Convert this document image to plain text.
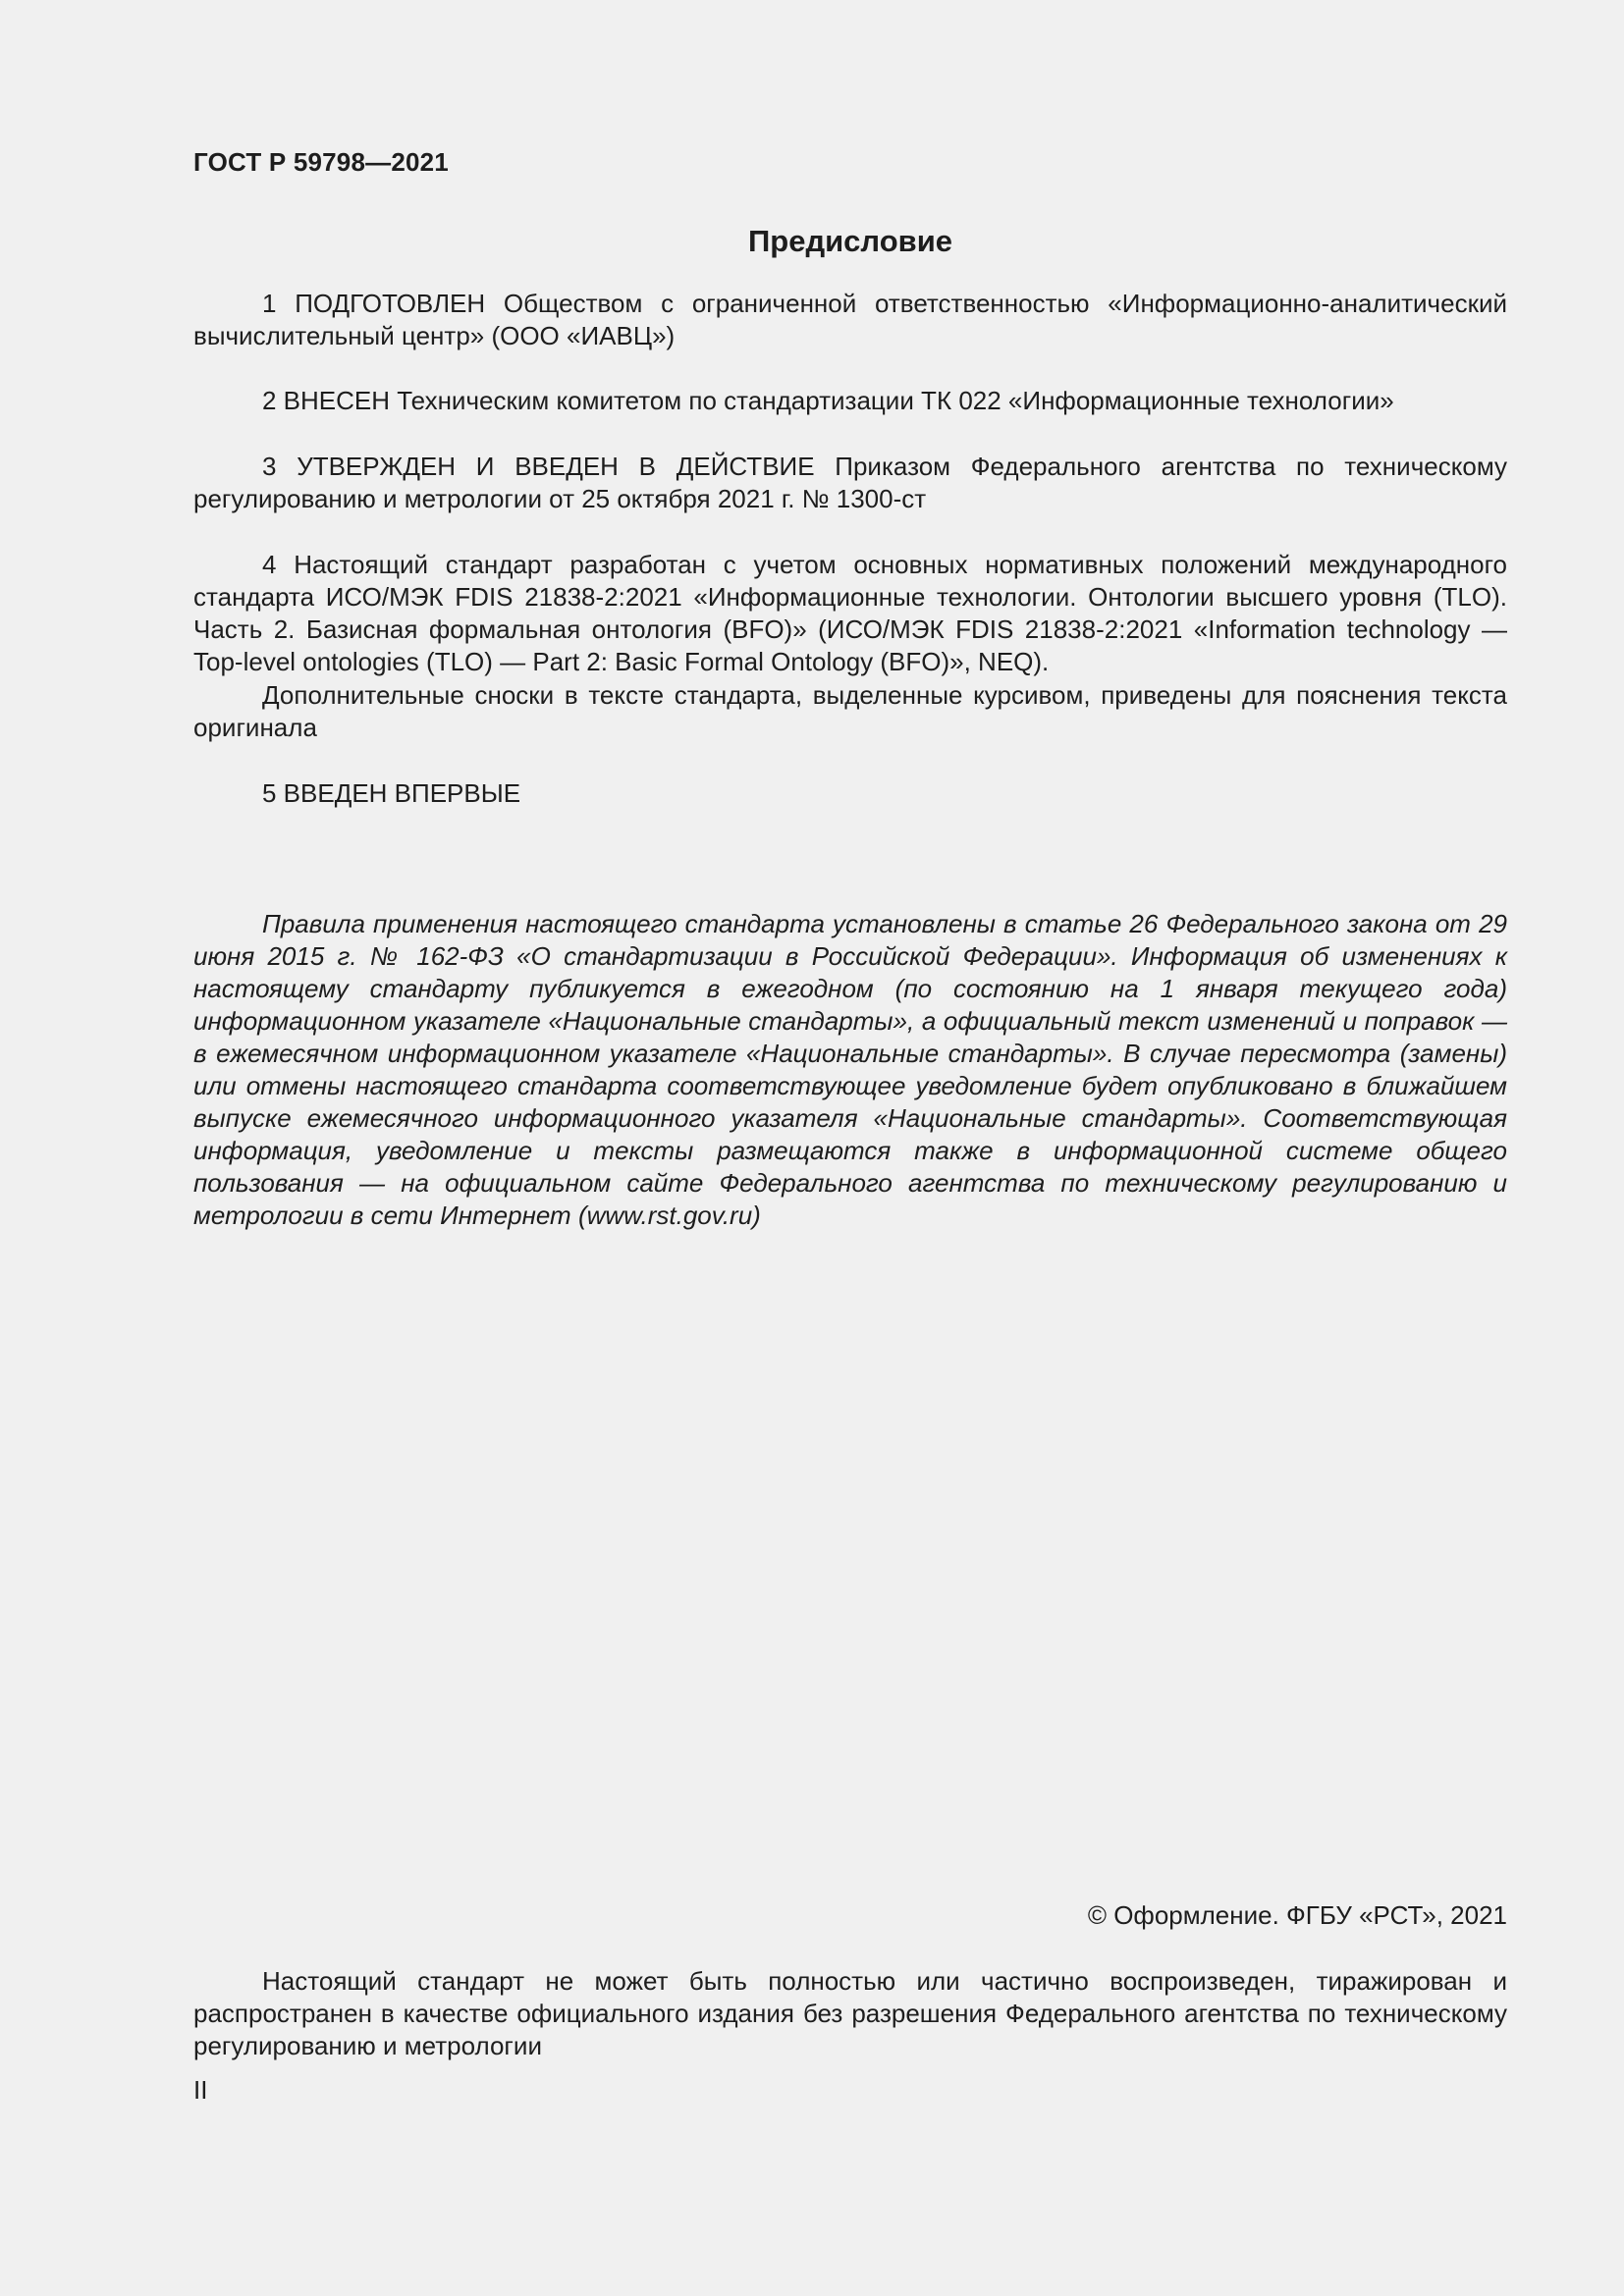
ГОСТ Р 59798—2021
Предисловие

1 ПОДГОТОВЛЕН Обществом с ограниченной ответственностью «Информационно-аналитический вычислительный центр» (ООО «ИАВЦ»)

2 ВНЕСЕН Техническим комитетом по стандартизации ТК 022 «Информационные технологии»

3 УТВЕРЖДЕН И ВВЕДЕН В ДЕЙСТВИЕ Приказом Федерального агентства по техническому регулированию и метрологии от 25 октября 2021 г. № 1300-ст

4 Настоящий стандарт разработан с учетом основных нормативных положений международного стандарта ИСО/МЭК FDIS 21838-2:2021 «Информационные технологии. Онтологии высшего уровня (TLO). Часть 2. Базисная формальная онтология (BFO)» (ИСО/МЭК FDIS 21838-2:2021 «Information technology — Top-level ontologies (TLO) — Part 2: Basic Formal Ontology (BFO)», NEQ).

Дополнительные сноски в тексте стандарта, выделенные курсивом, приведены для пояснения текста оригинала

5 ВВЕДЕН ВПЕРВЫЕ

Правила применения настоящего стандарта установлены в статье 26 Федерального закона от 29 июня 2015 г. № 162-ФЗ «О стандартизации в Российской Федерации». Информация об изменениях к настоящему стандарту публикуется в ежегодном (по состоянию на 1 января текущего года) информационном указателе «Национальные стандарты», а официальный текст изменений и поправок — в ежемесячном информационном указателе «Национальные стандарты». В случае пересмотра (замены) или отмены настоящего стандарта соответствующее уведомление будет опубликовано в ближайшем выпуске ежемесячного информационного указателя «Национальные стандарты». Соответствующая информация, уведомление и тексты размещаются также в информационной системе общего пользования — на официальном сайте Федерального агентства по техническому регулированию и метрологии в сети Интернет (www.rst.gov.ru)

© Оформление. ФГБУ «РСТ», 2021

Настоящий стандарт не может быть полностью или частично воспроизведен, тиражирован и распространен в качестве официального издания без разрешения Федерального агентства по техническому регулированию и метрологии

II
